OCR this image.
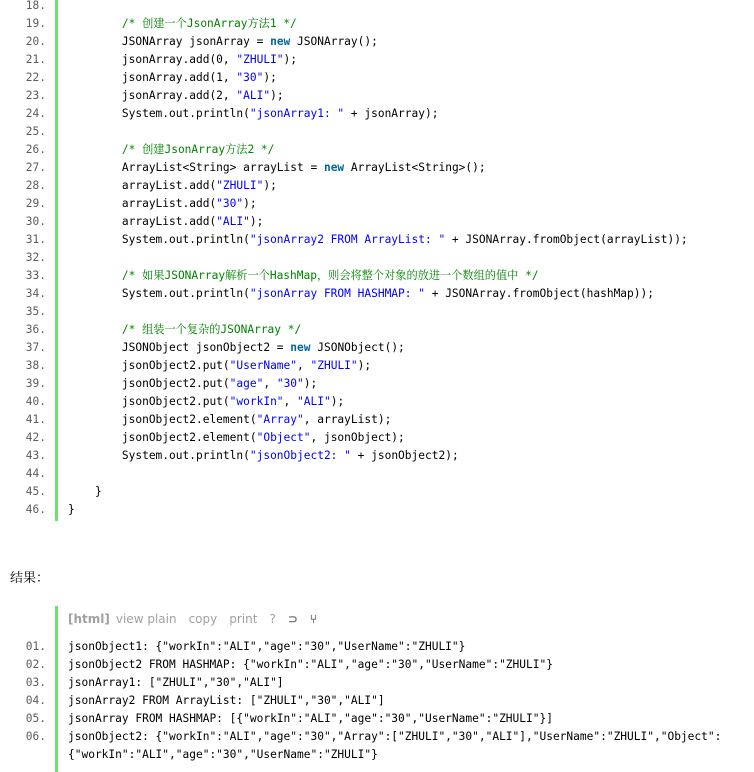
18.
19.	/* 创建一个JsonArray方法1 */
20. JSONArray jsonArray = new JSONArray();
21. jsonArray.add(0, "ZHULI");
22. jsonArray.add(1, "30");
23. jsonArray.add(2, "ALI");
24. System.out.println("jsonArray1: " + jsonArray);
25.
26.	/* 创建JsonArray方法2 */
27. ArrayList<String> arrayList = new ArrayList<String>();
28. arrayList.add("ZHULI");
29. arrayList.add("30");
30. arrayList.add("ALI");
31. System.out.println("jsonArray2 FROM ArrayList: " + JSONArray.fromObject(arrayList));
32.
33.	/* 如果JSONArray解析一个HashMap，则会将整个对象的放进一个数组的值中 */
34. System.out.println("jsonArray FROM HASHMAP: " + JSONArray.fromObject(hashMap));
35.
36.	/* 组装一个复杂的JSONArray */
37. JSONObject jsonObject2 = new JSONObject();
38. jsonObject2.put("UserName", "ZHULI");
39. jsonObject2.put("age", "30");
40. jsonObject2.put("workIn", "ALI");
41. jsonObject2.element("Array", arrayList);
42. jsonObject2.element("Object", jsonObject);
43. System.out.println("jsonObject2: " + jsonObject2);
44.
45. }
46. }
结果：
[html] view plain copy print ? ⊃ ⑂
01. jsonObject1: {"workIn":"ALI","age":"30","UserName":"ZHULI"}
02. jsonObject2 FROM HASHMAP: {"workIn":"ALI","age":"30","UserName":"ZHULI"}
03. jsonArray1: ["ZHULI","30","ALI"]
04. jsonArray2 FROM ArrayList: ["ZHULI","30","ALI"]
05. jsonArray FROM HASHMAP: [{"workIn":"ALI","age":"30","UserName":"ZHULI"}]
06. jsonObject2: {"workIn":"ALI","age":"30","Array":["ZHULI","30","ALI"],"UserName":"ZHULI","Object":
{"workIn":"ALI","age":"30","UserName":"ZHULI"}
